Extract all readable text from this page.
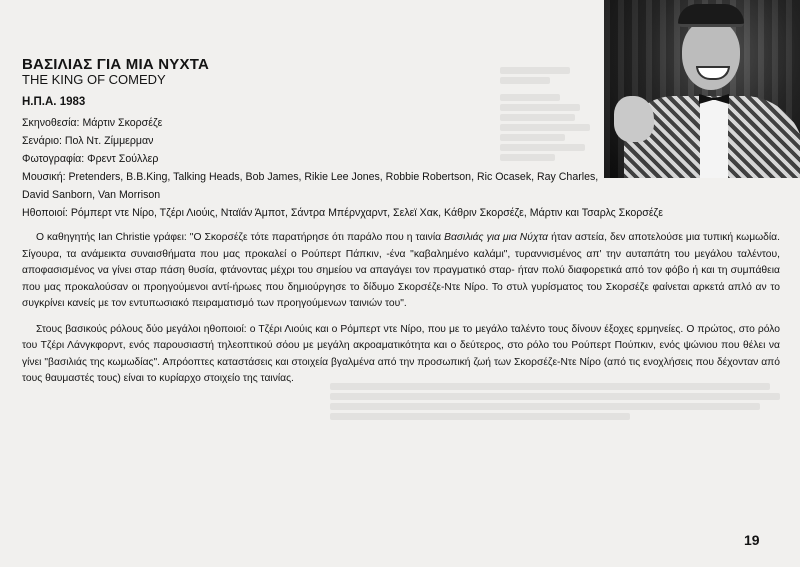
ΒΑΣΙΛΙΑΣ ΓΙΑ ΜΙΑ ΝΥΧΤΑ
THE KING OF COMEDY
Η.Π.Α. 1983
Σκηνοθεσία: Μάρτιν Σκορσέζε
Σενάριο: Πολ Ντ. Ζίμμερμαν
Φωτογραφία: Φρεντ Σούλλερ
Μουσική: Pretenders, B.B.King, Talking Heads, Bob James, Rikie Lee Jones, Robbie Robertson, Ric Ocasek, Ray Charles, David Sanborn, Van Morrison
Ηθοποιοί: Ρόμπερτ ντε Νίρο, Τζέρι Λιούις, Νταϊάν Άμποτ, Σάντρα Μπέρνχαρντ, Σελεϊ Χακ, Κάθριν Σκορσέζε, Μάρτιν και Τσαρλς Σκορσέζε

Ο καθηγητής Ian Christie γράφει: "Ο Σκορσέζε τότε παρατήρησε ότι παράλο που η ταινία Βασιλιάς για μια Νύχτα ήταν αστεία, δεν αποτελούσε μια τυπική κωμωδία. Σίγουρα, τα ανάμεικτα συναισθήματα που μας προκαλεί ο Ρούπερτ Πάπκιν, -ένα "καβαλημένο καλάμι", τυραννισμένος απ' την αυταπάτη του μεγάλου ταλέντου, αποφασισμένος να γίνει σταρ πάση θυσία, φτάνοντας μέχρι του σημείου να απαγάγει τον πραγματικό σταρ- ήταν πολύ διαφορετικά από τον φόβο ή και τη συμπάθεια που μας προκαλούσαν οι προηγούμενοι αντί-ήρωες που δημιούργησε το δίδυμο Σκορσέζε-Ντε Νίρο. Το στυλ γυρίσματος του Σκορσέζε φαίνεται αρκετά απλό αν το συγκρίνει κανείς με τον εντυπωσιακό πειραματισμό των προηγούμενων ταινιών του".

Στους βασικούς ρόλους δύο μεγάλοι ηθοποιοί: ο Τζέρι Λιούις και ο Ρόμπερτ ντε Νίρο, που με το μεγάλο ταλέντο τους δίνουν έξοχες ερμηνείες. Ο πρώτος, στο ρόλο του Τζέρι Λάνγκφορντ, ενός παρουσιαστή τηλεοπτικού σόου με μεγάλη ακροαματικότητα και ο δεύτερος, στο ρόλο του Ρούπερτ Πούπκιν, ενός ψώνιου που θέλει να γίνει "βασιλιάς της κωμωδίας". Απρόοπτες καταστάσεις και στοιχεία βγαλμένα από την προσωπική ζωή των Σκορσέζε-Ντε Νίρο (από τις ενοχλήσεις που δέχονταν από τους θαυμαστές τους) είναι το κυρίαρχο στοιχείο της ταινίας.

19
